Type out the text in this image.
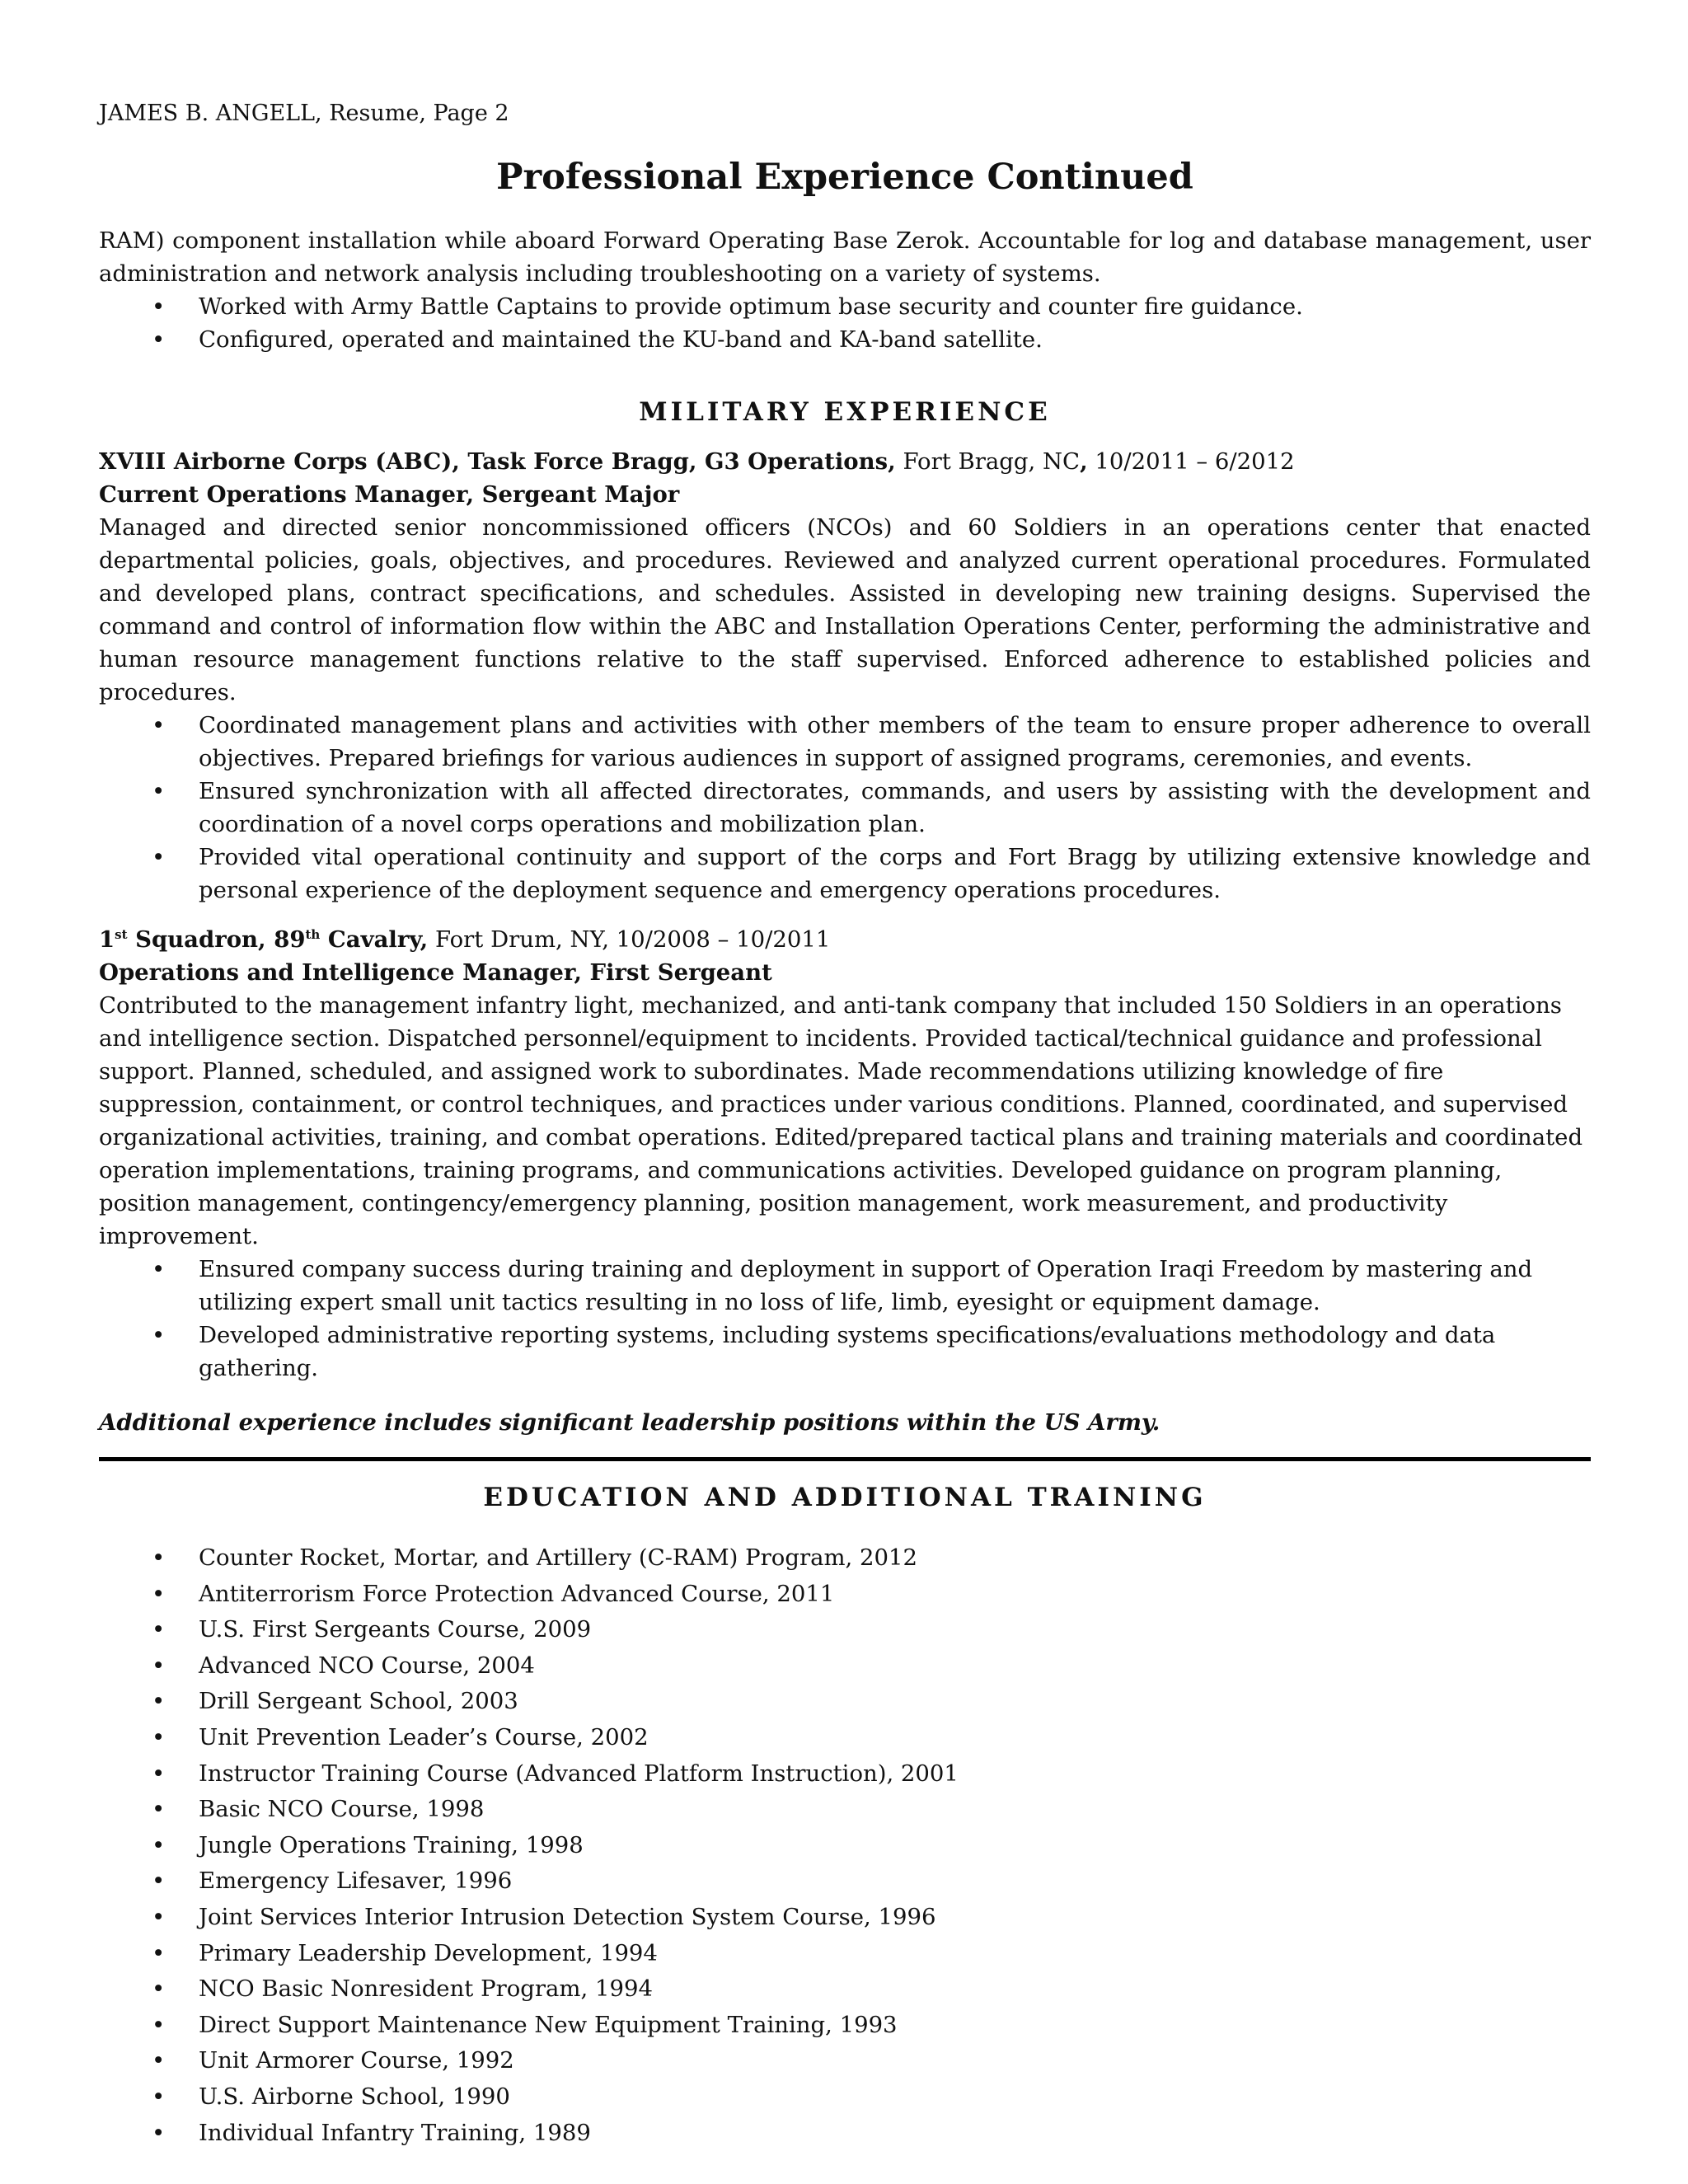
JAMES B. ANGELL, Resume, Page 2

Professional Experience Continued

RAM) component installation while aboard Forward Operating Base Zerok. Accountable for log and database management, user administration and network analysis including troubleshooting on a variety of systems.

• Worked with Army Battle Captains to provide optimum base security and counter fire guidance.
• Configured, operated and maintained the KU-band and KA-band satellite.
MILITARY EXPERIENCE

XVIII Airborne Corps (ABC), Task Force Bragg, G3 Operations, Fort Bragg, NC, 10/2011 – 6/2012

Current Operations Manager, Sergeant Major

Managed and directed senior noncommissioned officers (NCOs) and 60 Soldiers in an operations center that enacted departmental policies, goals, objectives, and procedures. Reviewed and analyzed current operational procedures. Formulated and developed plans, contract specifications, and schedules. Assisted in developing new training designs. Supervised the command and control of information flow within the ABC and Installation Operations Center, performing the administrative and human resource management functions relative to the staff supervised. Enforced adherence to established policies and procedures.

• Coordinated management plans and activities with other members of the team to ensure proper adherence to overall objectives. Prepared briefings for various audiences in support of assigned programs, ceremonies, and events.
• Ensured synchronization with all affected directorates, commands, and users by assisting with the development and coordination of a novel corps operations and mobilization plan.
• Provided vital operational continuity and support of the corps and Fort Bragg by utilizing extensive knowledge and personal experience of the deployment sequence and emergency operations procedures.

1st Squadron, 89th Cavalry, Fort Drum, NY, 10/2008 – 10/2011

Operations and Intelligence Manager, First Sergeant

Contributed to the management infantry light, mechanized, and anti-tank company that included 150 Soldiers in an operations and intelligence section. Dispatched personnel/equipment to incidents. Provided tactical/technical guidance and professional support. Planned, scheduled, and assigned work to subordinates. Made recommendations utilizing knowledge of fire suppression, containment, or control techniques, and practices under various conditions. Planned, coordinated, and supervised organizational activities, training, and combat operations. Edited/prepared tactical plans and training materials and coordinated operation implementations, training programs, and communications activities. Developed guidance on program planning, position management, contingency/emergency planning, position management, work measurement, and productivity improvement.

• Ensured company success during training and deployment in support of Operation Iraqi Freedom by mastering and utilizing expert small unit tactics resulting in no loss of life, limb, eyesight or equipment damage.
• Developed administrative reporting systems, including systems specifications/evaluations methodology and data gathering.

Additional experience includes significant leadership positions within the US Army.

EDUCATION AND ADDITIONAL TRAINING
• Counter Rocket, Mortar, and Artillery (C-RAM) Program, 2012
• Antiterrorism Force Protection Advanced Course, 2011
• U.S. First Sergeants Course, 2009
• Advanced NCO Course, 2004
• Drill Sergeant School, 2003
• Unit Prevention Leader’s Course, 2002
• Instructor Training Course (Advanced Platform Instruction), 2001
• Basic NCO Course, 1998
• Jungle Operations Training, 1998
• Emergency Lifesaver, 1996
• Joint Services Interior Intrusion Detection System Course, 1996
• Primary Leadership Development, 1994
• NCO Basic Nonresident Program, 1994
• Direct Support Maintenance New Equipment Training, 1993
• Unit Armorer Course, 1992
• U.S. Airborne School, 1990
• Individual Infantry Training, 1989
